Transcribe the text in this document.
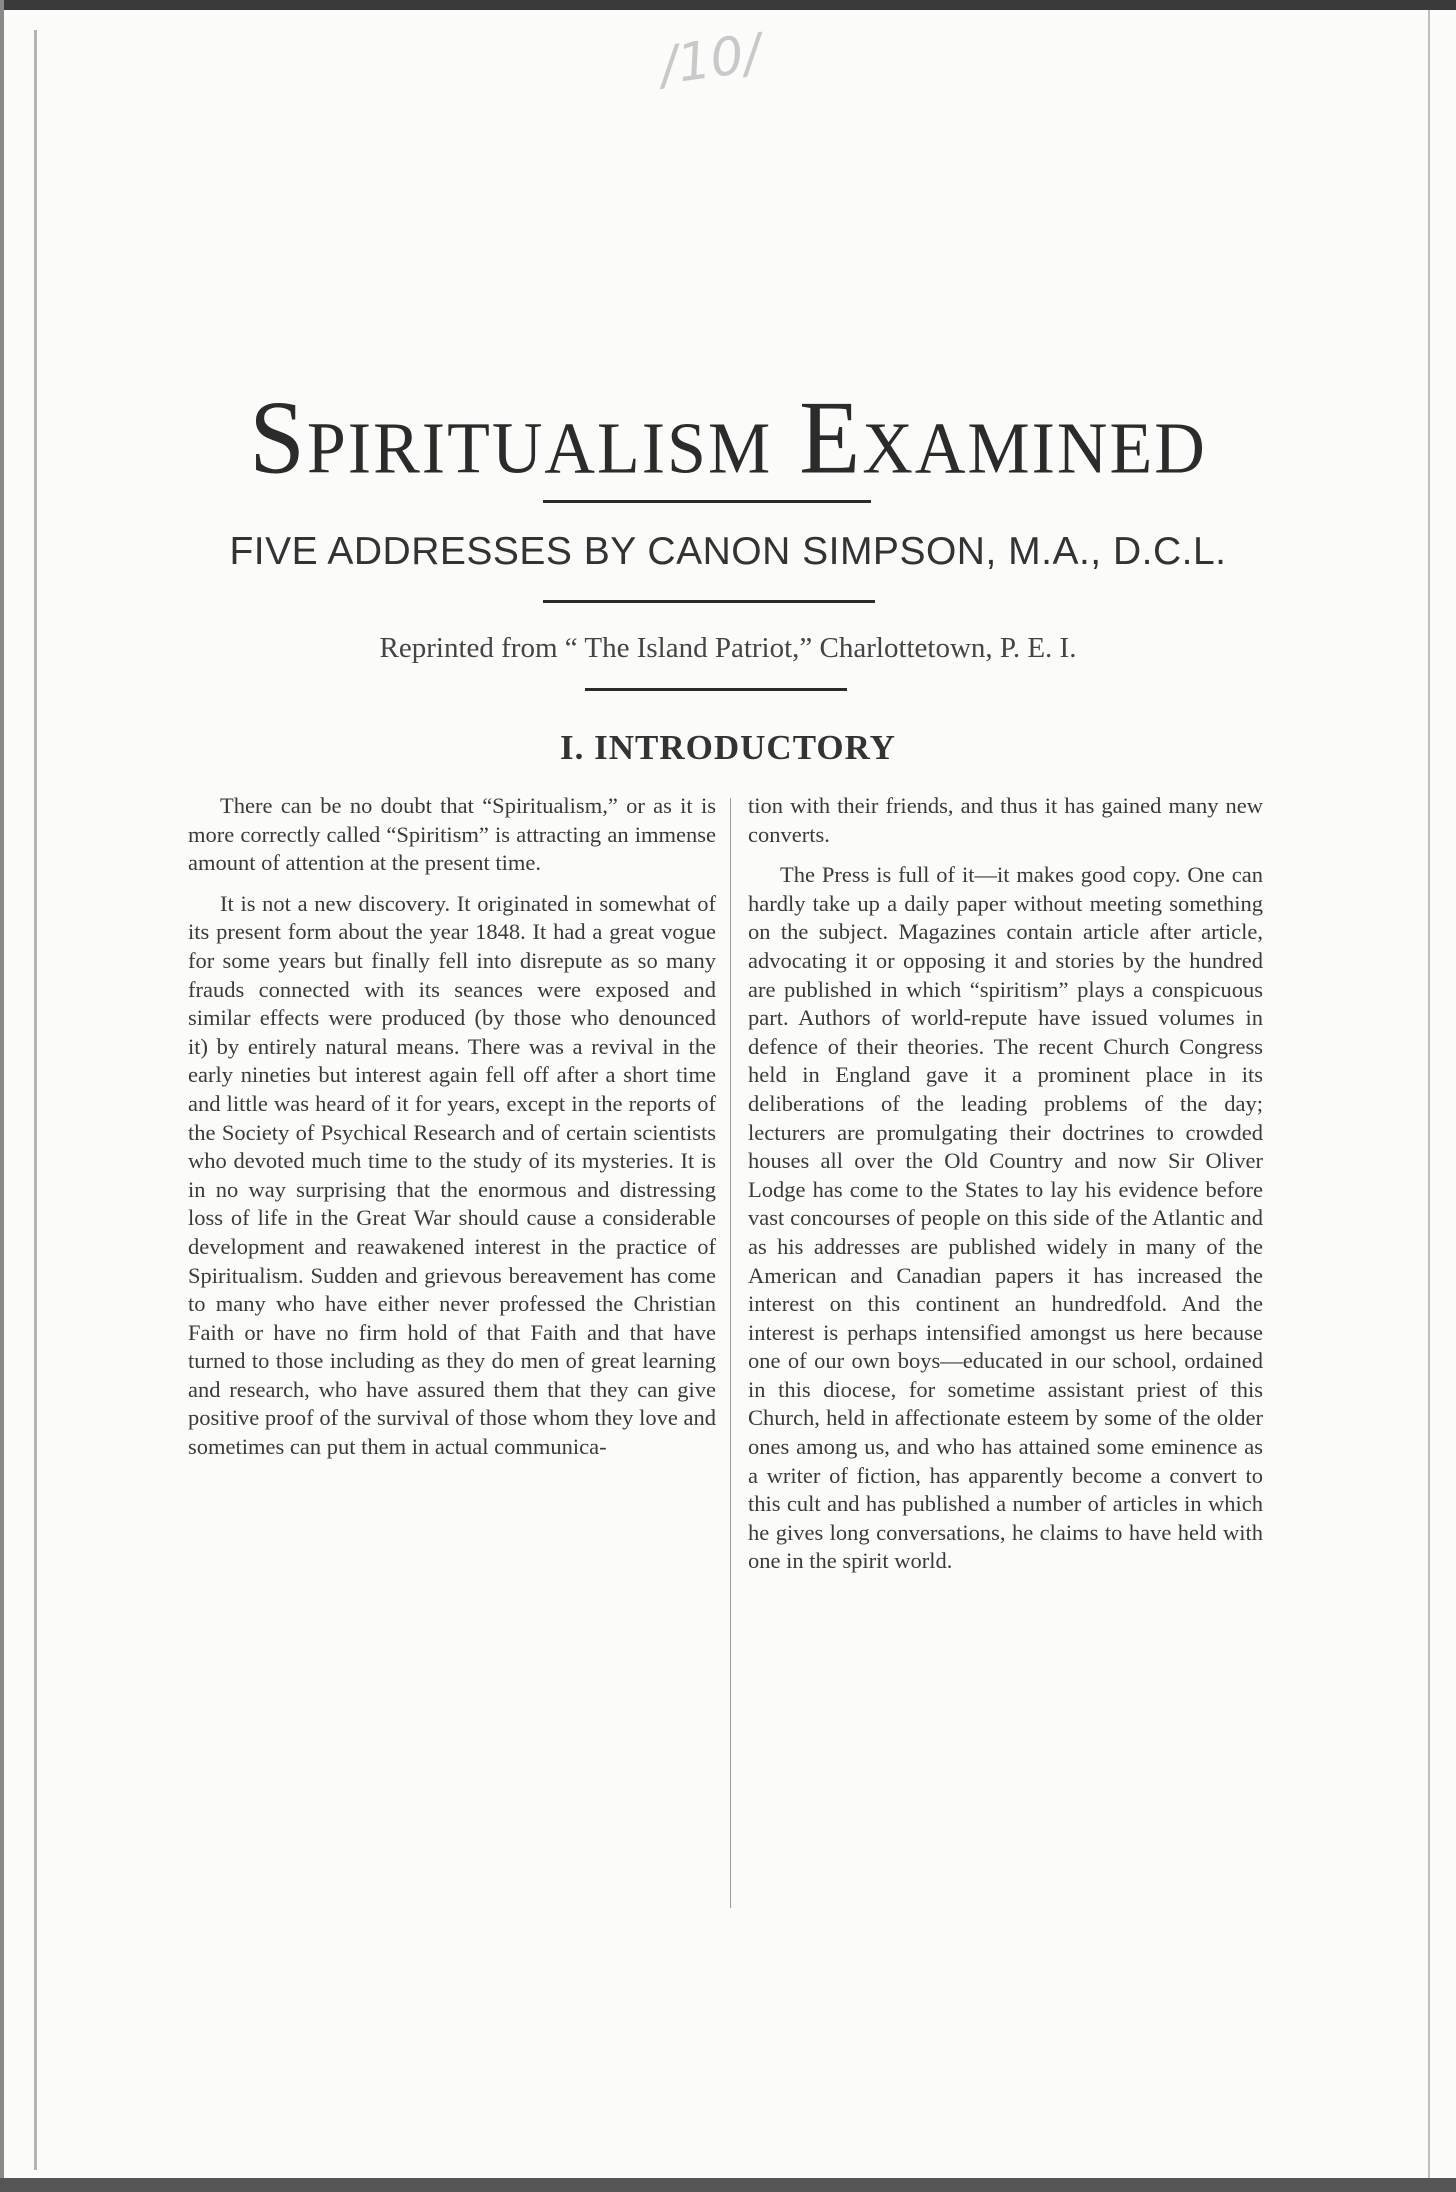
/10/
Spiritualism Examined
FIVE ADDRESSES BY CANON SIMPSON, M.A., D.C.L.
Reprinted from “ The Island Patriot,” Charlottetown, P. E. I.
I. INTRODUCTORY

There can be no doubt that “Spiritualism,” or as it is more correctly called “Spiritism” is attracting an immense amount of attention at the present time.

It is not a new discovery. It originated in somewhat of its present form about the year 1848. It had a great vogue for some years but finally fell into disrepute as so many frauds connected with its seances were exposed and similar effects were produced (by those who denounced it) by entirely natural means. There was a revival in the early nineties but interest again fell off after a short time and little was heard of it for years, except in the reports of the Society of Psychical Research and of certain scientists who devoted much time to the study of its mysteries. It is in no way surprising that the enormous and distressing loss of life in the Great War should cause a considerable development and reawakened interest in the practice of Spiritualism. Sudden and grievous bereavement has come to many who have either never professed the Christian Faith or have no firm hold of that Faith and that have turned to those including as they do men of great learning and research, who have assured them that they can give positive proof of the survival of those whom they love and sometimes can put them in actual communica-

tion with their friends, and thus it has gained many new converts.

The Press is full of it—it makes good copy. One can hardly take up a daily paper without meeting something on the subject. Magazines contain article after article, advocating it or opposing it and stories by the hundred are published in which “spiritism” plays a conspicuous part. Authors of world-repute have issued volumes in defence of their theories. The recent Church Congress held in England gave it a prominent place in its deliberations of the leading problems of the day; lecturers are promulgating their doctrines to crowded houses all over the Old Country and now Sir Oliver Lodge has come to the States to lay his evidence before vast concourses of people on this side of the Atlantic and as his addresses are published widely in many of the American and Canadian papers it has increased the interest on this continent an hundredfold. And the interest is perhaps intensified amongst us here because one of our own boys—educated in our school, ordained in this diocese, for sometime assistant priest of this Church, held in affectionate esteem by some of the older ones among us, and who has attained some eminence as a writer of fiction, has apparently become a convert to this cult and has published a number of articles in which he gives long conversations, he claims to have held with one in the spirit world.
